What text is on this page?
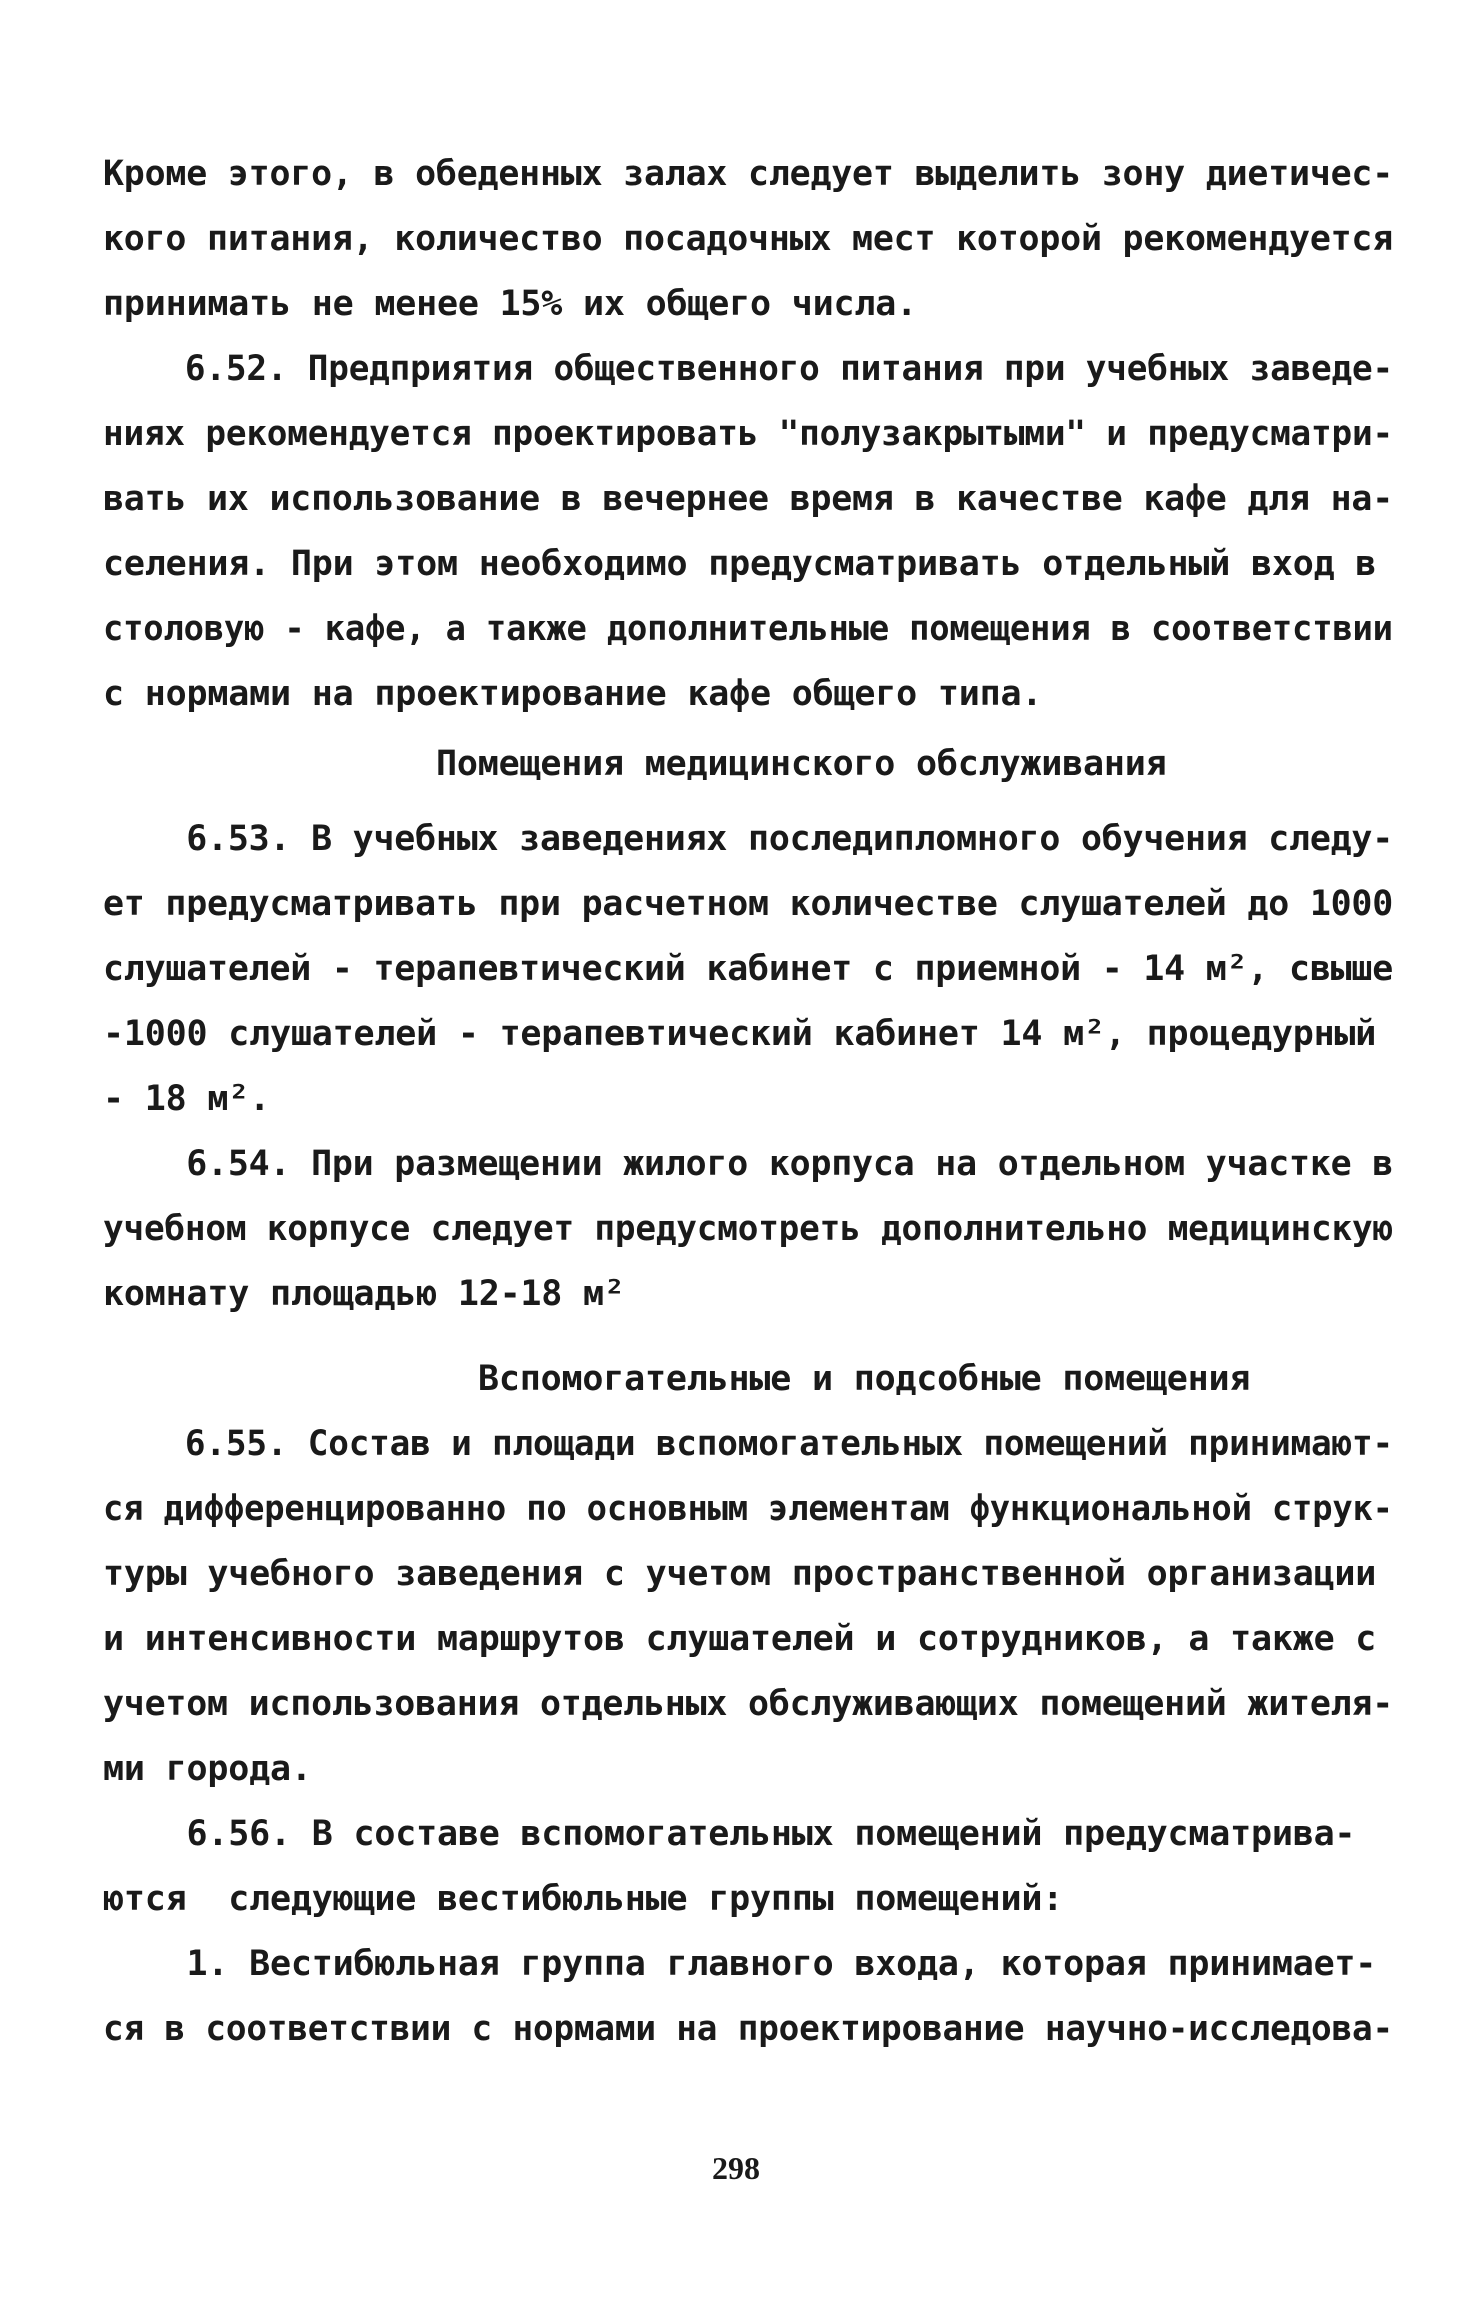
Кроме этого, в обеденных залах следует выделить зону диетичес-
кого питания, количество посадочных мест которой рекомендуется
принимать не менее 15% их общего числа.
6.52. Предприятия общественного питания при учебных заведе-
ниях рекомендуется проектировать "полузакрытыми" и предусматри-
вать их использование в вечернее время в качестве кафе для на-
селения. При этом необходимо предусматривать отдельный вход в
столовую - кафе, а также дополнительные помещения в соответствии
с нормами на проектирование кафе общего типа.
Помещения медицинского обслуживания
6.53. В учебных заведениях последипломного обучения следу-
ет предусматривать при расчетном количестве слушателей до 1000
слушателей - терапевтический кабинет с приемной - 14 м², свыше
-1000 слушателей - терапевтический кабинет 14 м², процедурный
- 18 м².
6.54. При размещении жилого корпуса на отдельном участке в
учебном корпусе следует предусмотреть дополнительно медицинскую
комнату площадью 12-18 м²
Вспомогательные и подсобные помещения
6.55. Состав и площади вспомогательных помещений принимают-
ся дифференцированно по основным элементам функциональной струк-
туры учебного заведения с учетом пространственной организации
и интенсивности маршрутов слушателей и сотрудников, а также с
учетом использования отдельных обслуживающих помещений жителя-
ми города.
6.56. В составе вспомогательных помещений предусматрива-
ются  следующие вестибюльные группы помещений:
1. Вестибюльная группа главного входа, которая принимает-
ся в соответствии с нормами на проектирование научно-исследова-
298
